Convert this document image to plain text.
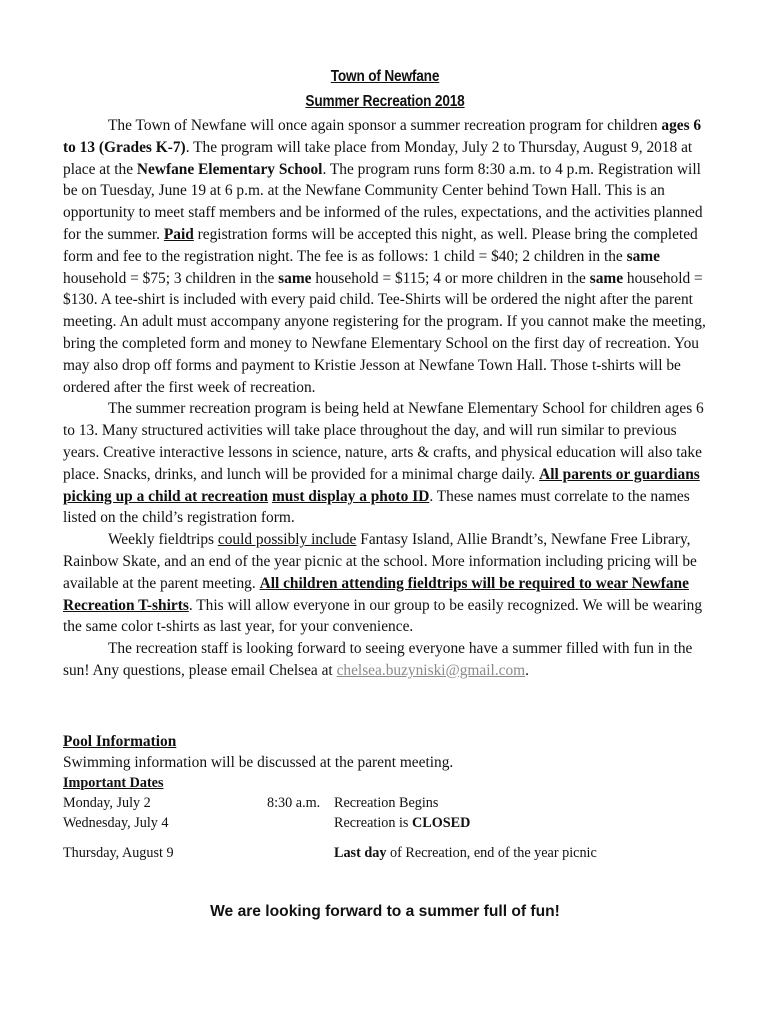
Town of Newfane
Summer Recreation 2018

The Town of Newfane will once again sponsor a summer recreation program for children ages 6 to 13 (Grades K-7). The program will take place from Monday, July 2 to Thursday, August 9, 2018 at place at the Newfane Elementary School. The program runs form 8:30 a.m. to 4 p.m. Registration will be on Tuesday, June 19 at 6 p.m. at the Newfane Community Center behind Town Hall. This is an opportunity to meet staff members and be informed of the rules, expectations, and the activities planned for the summer. Paid registration forms will be accepted this night, as well. Please bring the completed form and fee to the registration night. The fee is as follows: 1 child = $40; 2 children in the same household = $75; 3 children in the same household = $115; 4 or more children in the same household = $130. A tee-shirt is included with every paid child. Tee-Shirts will be ordered the night after the parent meeting. An adult must accompany anyone registering for the program. If you cannot make the meeting, bring the completed form and money to Newfane Elementary School on the first day of recreation. You may also drop off forms and payment to Kristie Jesson at Newfane Town Hall. Those t-shirts will be ordered after the first week of recreation.

The summer recreation program is being held at Newfane Elementary School for children ages 6 to 13. Many structured activities will take place throughout the day, and will run similar to previous years. Creative interactive lessons in science, nature, arts & crafts, and physical education will also take place. Snacks, drinks, and lunch will be provided for a minimal charge daily. All parents or guardians picking up a child at recreation must display a photo ID. These names must correlate to the names listed on the child’s registration form.

Weekly fieldtrips could possibly include Fantasy Island, Allie Brandt’s, Newfane Free Library, Rainbow Skate, and an end of the year picnic at the school. More information including pricing will be available at the parent meeting. All children attending fieldtrips will be required to wear Newfane Recreation T-shirts. This will allow everyone in our group to be easily recognized. We will be wearing the same color t-shirts as last year, for your convenience.

The recreation staff is looking forward to seeing everyone have a summer filled with fun in the sun! Any questions, please email Chelsea at chelsea.buzyniski@gmail.com.

Pool Information
Swimming information will be discussed at the parent meeting.
Important Dates
Monday, July 2	8:30 a.m. Recreation Begins
Wednesday, July 4	Recreation is CLOSED
Thursday, August 9	Last day of Recreation, end of the year picnic
We are looking forward to a summer full of fun!
